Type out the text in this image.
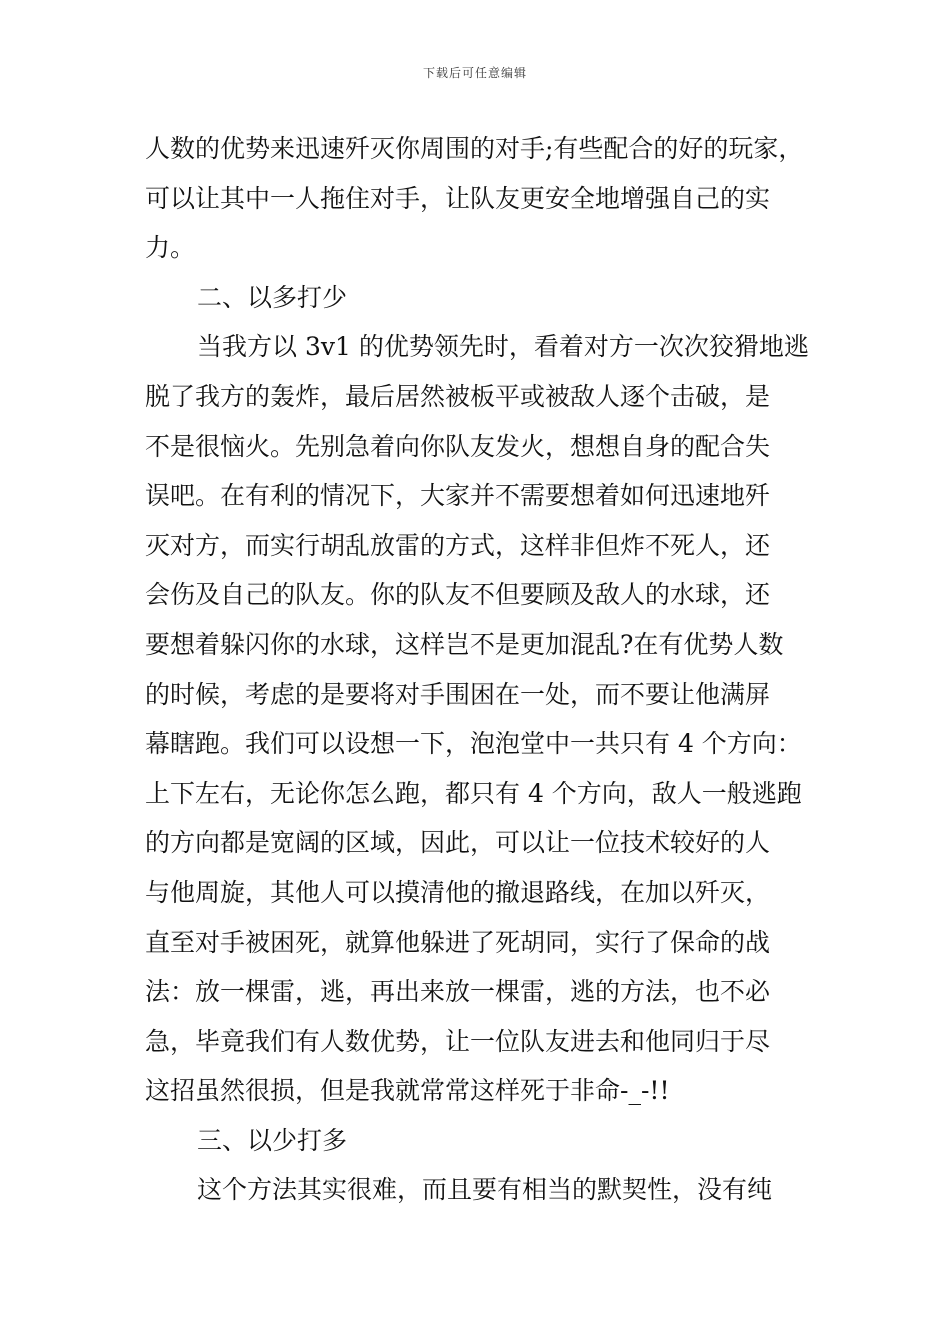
下载后可任意编辑
人数的优势来迅速歼灭你周围的对手;有些配合的好的玩家，
可以让其中一人拖住对手，让队友更安全地增强自己的实
力。
二、以多打少
当我方以 3v1 的优势领先时，看着对方一次次狡猾地逃
脱了我方的轰炸，最后居然被板平或被敌人逐个击破，是
不是很恼火。先别急着向你队友发火，想想自身的配合失
误吧。在有利的情况下，大家并不需要想着如何迅速地歼
灭对方，而实行胡乱放雷的方式，这样非但炸不死人，还
会伤及自己的队友。你的队友不但要顾及敌人的水球，还
要想着躲闪你的水球，这样岂不是更加混乱?在有优势人数
的时候，考虑的是要将对手围困在一处，而不要让他满屏
幕瞎跑。我们可以设想一下，泡泡堂中一共只有 4 个方向：
上下左右，无论你怎么跑，都只有 4 个方向，敌人一般逃跑
的方向都是宽阔的区域，因此，可以让一位技术较好的人
与他周旋，其他人可以摸清他的撤退路线，在加以歼灭，
直至对手被困死，就算他躲进了死胡同，实行了保命的战
法：放一棵雷，逃，再出来放一棵雷，逃的方法，也不必
急，毕竟我们有人数优势，让一位队友进去和他同归于尽
这招虽然很损，但是我就常常这样死于非命-_-!!
三、以少打多
这个方法其实很难，而且要有相当的默契性，没有纯
